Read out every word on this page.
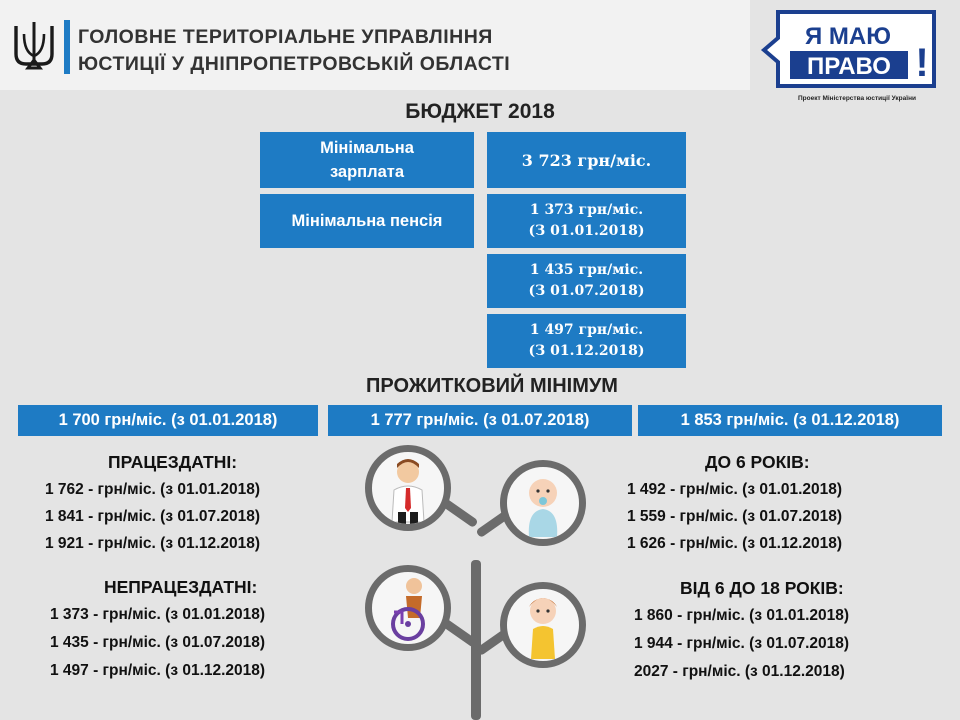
ГОЛОВНЕ ТЕРИТОРІАЛЬНЕ УПРАВЛІННЯ
ЮСТИЦІЇ У ДНІПРОПЕТРОВСЬКІЙ ОБЛАСТІ
Я МАЮ
ПРАВО !
Проект Міністерства юстиції України
БЮДЖЕТ 2018
Мінімальна
зарплата
3 723 грн/міс.
Мінімальна пенсія
1 373 грн/міс.
(З 01.01.2018)
1 435 грн/міс.
(З 01.07.2018)
1 497 грн/міс.
(З 01.12.2018)
ПРОЖИТКОВИЙ МІНІМУМ
1 700 грн/міс. (з 01.01.2018)	1 777 грн/міс. (з 01.07.2018)	1 853 грн/міс. (з 01.12.2018)
ПРАЦЕЗДАТНІ:
1 762 - грн/міс. (з 01.01.2018)
1 841 - грн/міс. (з 01.07.2018)
1 921 - грн/міс. (з 01.12.2018)
НЕПРАЦЕЗДАТНІ:
1 373 - грн/міс. (з 01.01.2018)
1 435 - грн/міс. (з 01.07.2018)
1 497 - грн/міс. (з 01.12.2018)
ДО 6 РОКІВ:
1 492 - грн/міс. (з 01.01.2018)
1 559 - грн/міс. (з 01.07.2018)
1 626 - грн/міс. (з 01.12.2018)
ВІД 6 ДО 18 РОКІВ:
1 860 - грн/міс. (з 01.01.2018)
1 944 - грн/міс. (з 01.07.2018)
2027 - грн/міс. (з 01.12.2018)
